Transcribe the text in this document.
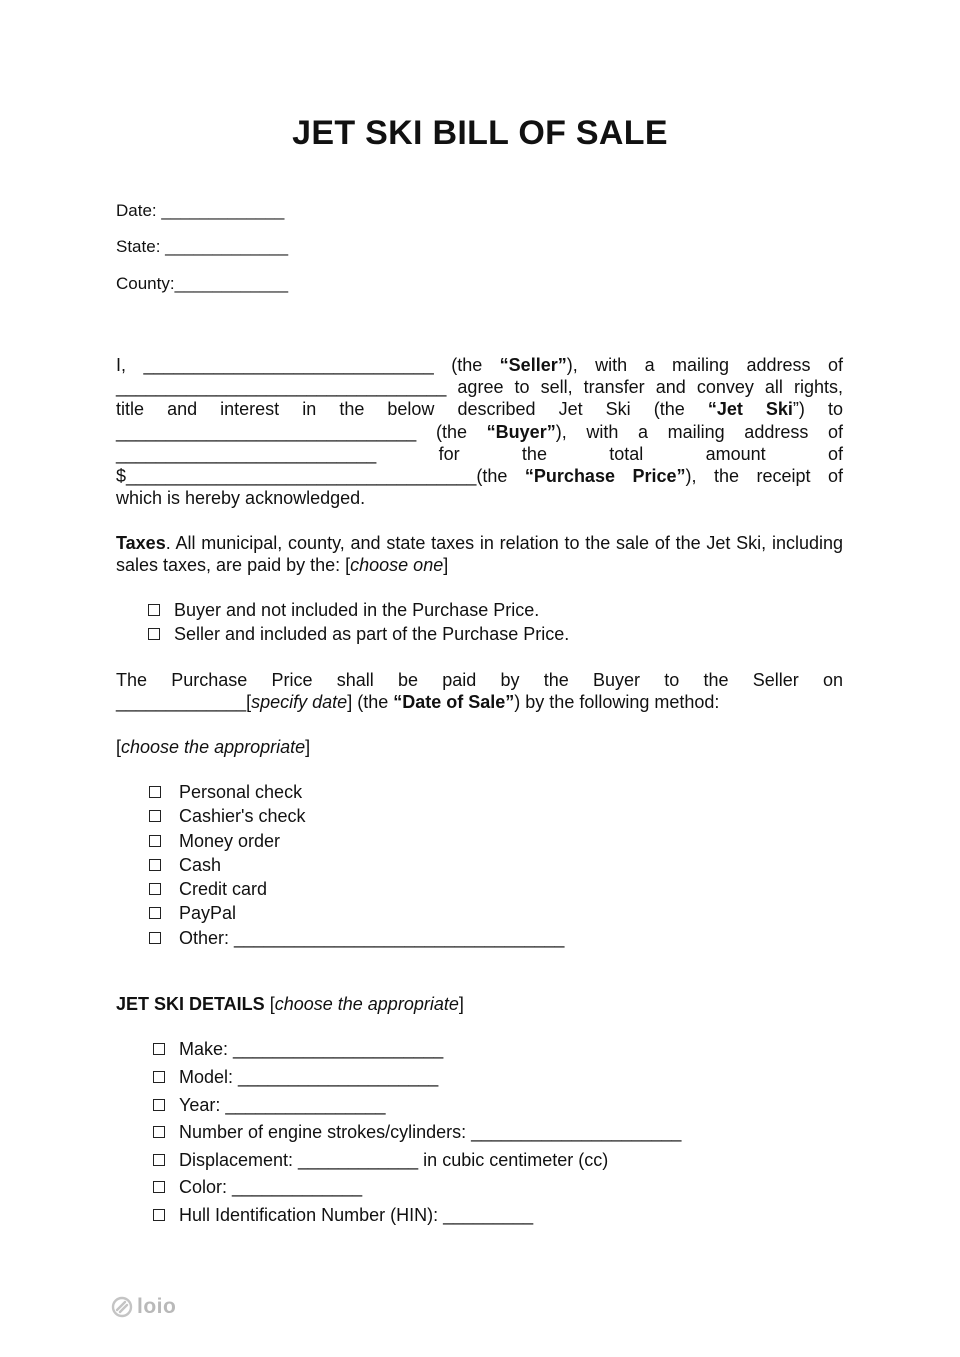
JET SKI BILL OF SALE
Date: _____________
State: _____________
County:____________
I, _____________________________ (the “Seller”), with a mailing address of
_________________________________ agree to sell, transfer and convey all rights,
title and interest in the below described Jet Ski (the “Jet Ski”) to
______________________________ (the “Buyer”), with a mailing address of
__________________________	for the total amount of
$___________________________________(the “Purchase Price”), the receipt of
which is hereby acknowledged.
Taxes. All municipal, county, and state taxes in relation to the sale of the Jet Ski, including sales taxes, are paid by the: [choose one]
Buyer and not included in the Purchase Price.
Seller and included as part of the Purchase Price.
The Purchase Price shall be paid by the Buyer to the Seller on
_____________[specify date] (the “Date of Sale”) by the following method:
[choose the appropriate]
Personal check
Cashier's check
Money order
Cash
Credit card
PayPal
Other: _________________________________
JET SKI DETAILS [choose the appropriate]
Make: _____________________
Model: ____________________
Year: ________________
Number of engine strokes/cylinders: _____________________
Displacement: ____________ in cubic centimeter (cc)
Color: _____________
Hull Identification Number (HIN): _________
loio
